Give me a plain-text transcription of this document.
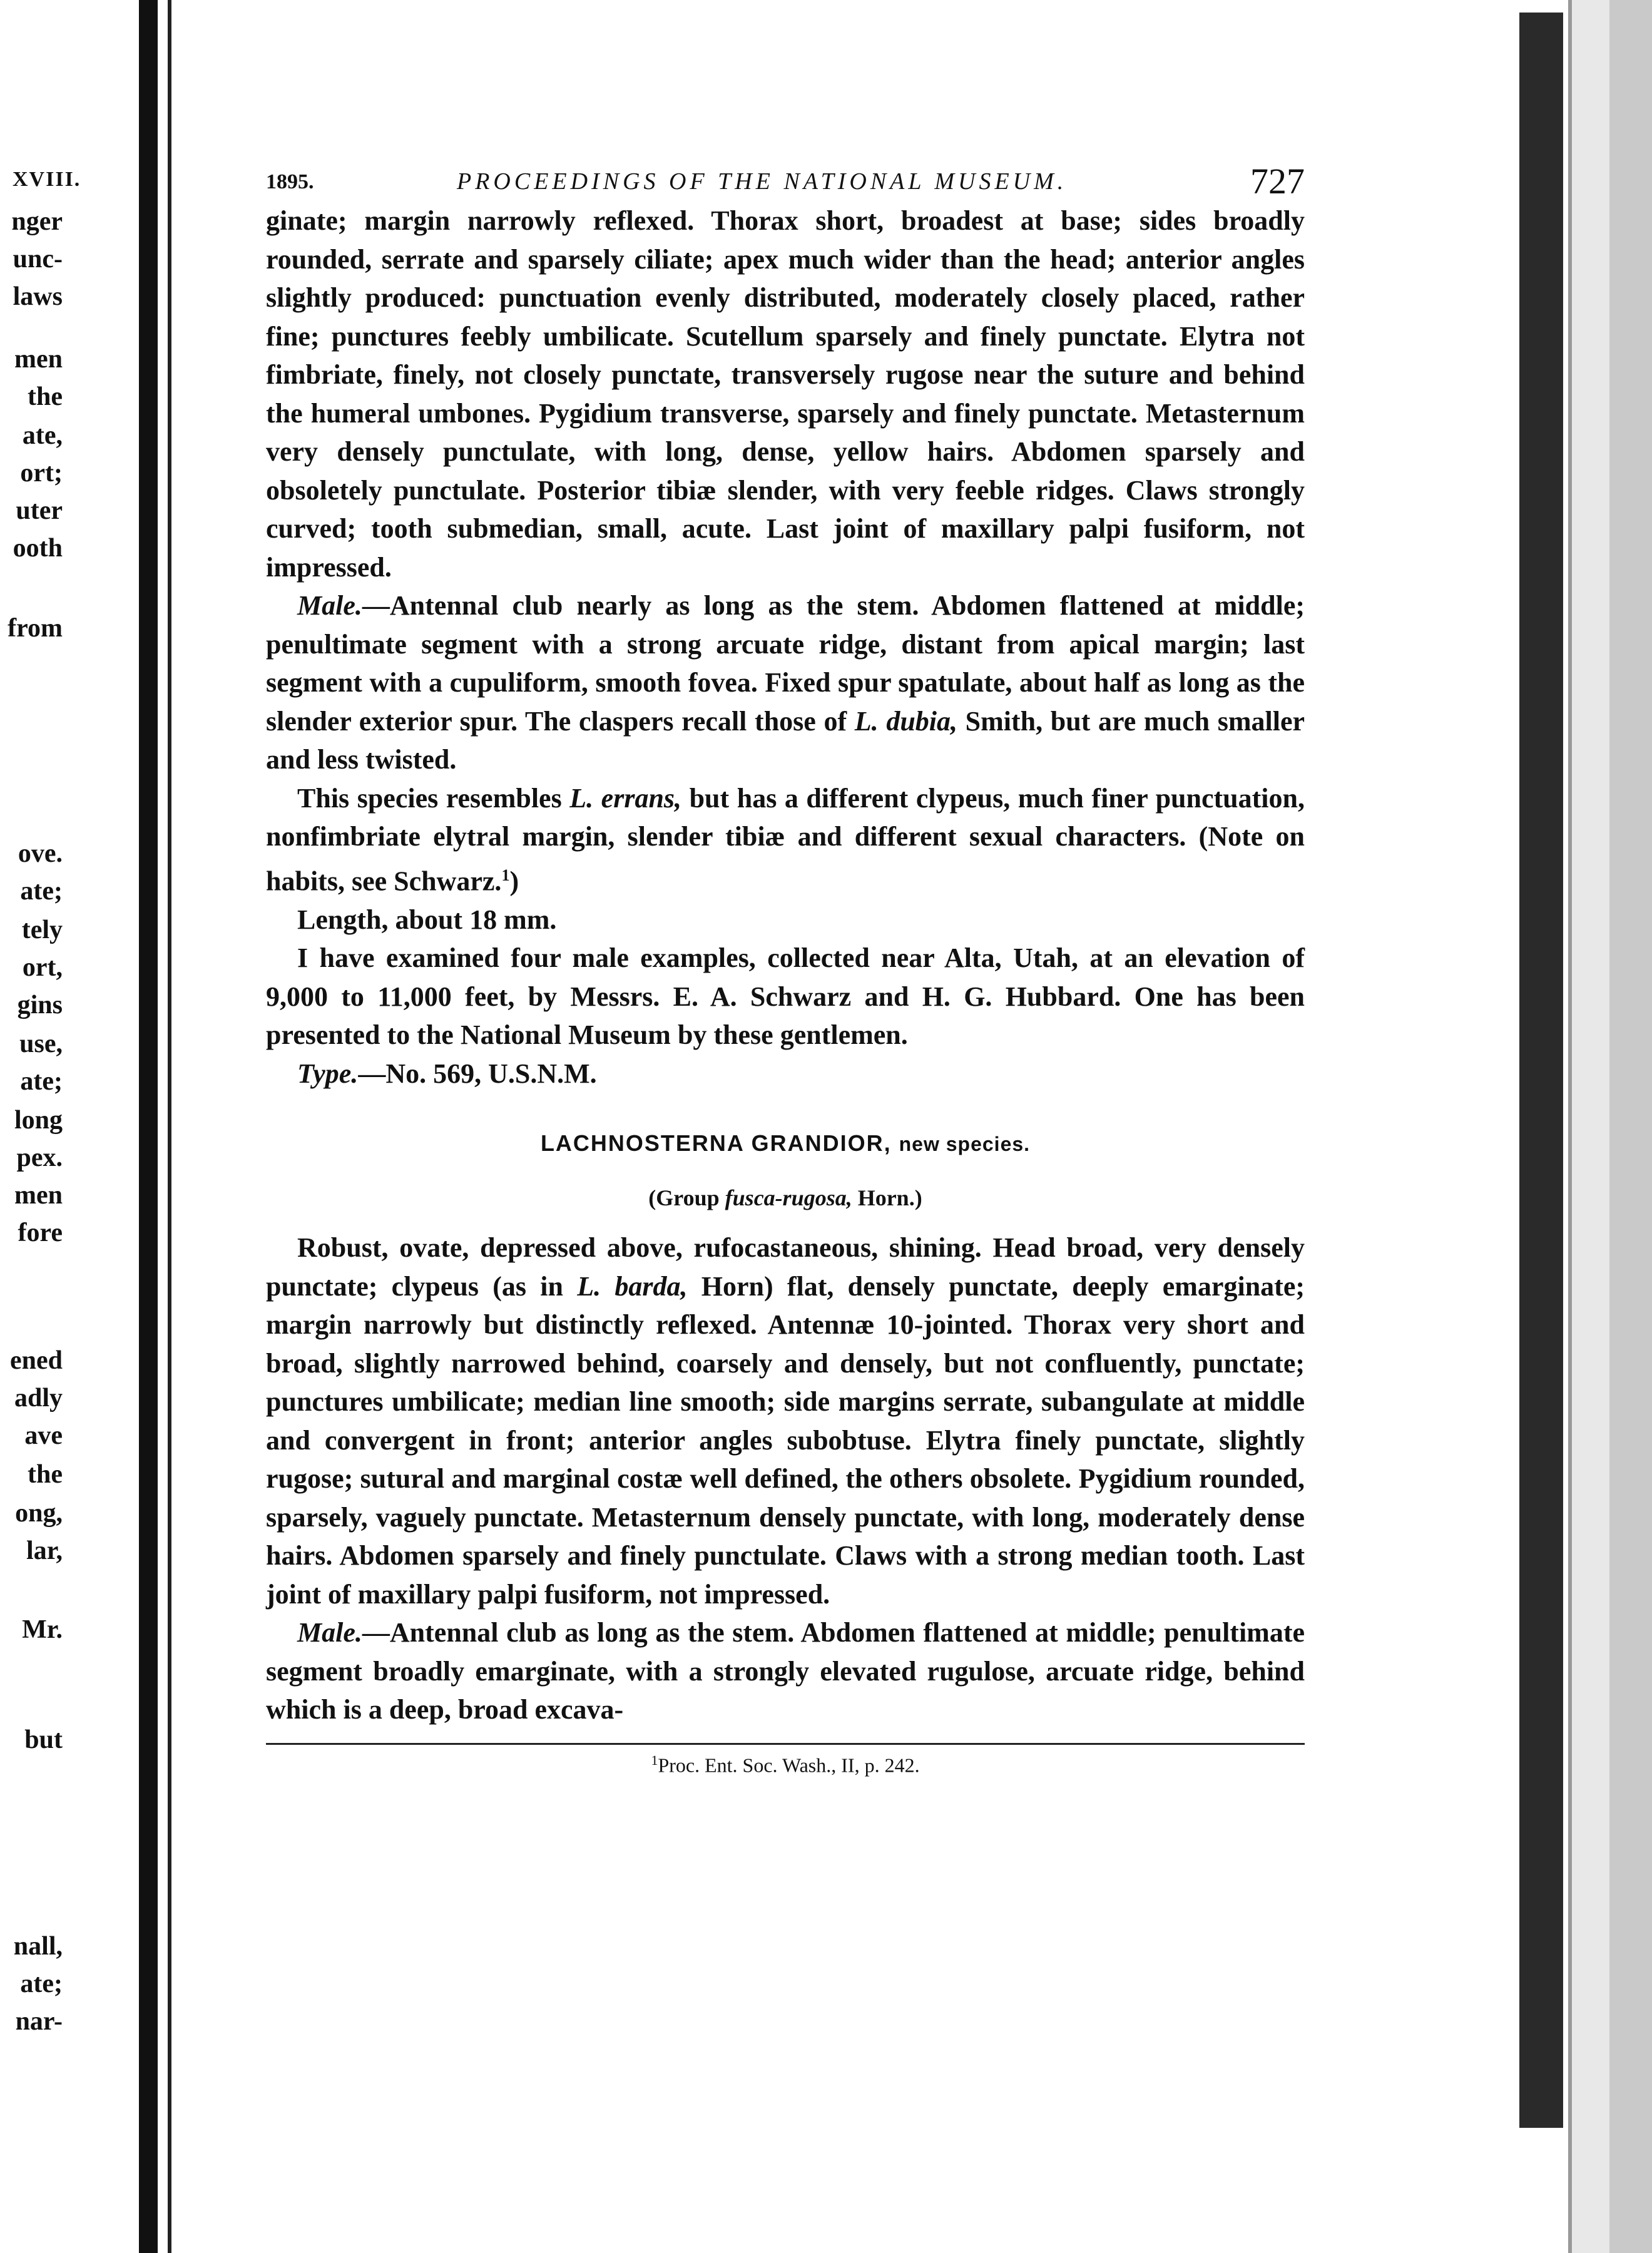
XVIII.
nger
unc-
laws
men
the
ate,
ort;
uter
ooth
from
ove.
ate;
tely
ort,
gins
use,
ate;
long
pex.
men
fore
ened
adly
ave
the
ong,
lar,
Mr.
but
nall,
ate;
nar-
1895.	PROCEEDINGS OF THE NATIONAL MUSEUM.	727

ginate; margin narrowly reflexed. Thorax short, broadest at base; sides broadly rounded, serrate and sparsely ciliate; apex much wider than the head; anterior angles slightly produced: punctuation evenly distributed, moderately closely placed, rather fine; punctures feebly umbilicate. Scutellum sparsely and finely punctate. Elytra not fimbriate, finely, not closely punctate, transversely rugose near the suture and behind the humeral umbones. Pygidium transverse, sparsely and finely punctate. Metasternum very densely punctulate, with long, dense, yellow hairs. Abdomen sparsely and obsoletely punctulate. Posterior tibiæ slender, with very feeble ridges. Claws strongly curved; tooth submedian, small, acute. Last joint of maxillary palpi fusiform, not impressed.

Male.—Antennal club nearly as long as the stem. Abdomen flattened at middle; penultimate segment with a strong arcuate ridge, distant from apical margin; last segment with a cupuliform, smooth fovea. Fixed spur spatulate, about half as long as the slender exterior spur. The claspers recall those of L. dubia, Smith, but are much smaller and less twisted.

This species resembles L. errans, but has a different clypeus, much finer punctuation, nonfimbriate elytral margin, slender tibiæ and different sexual characters. (Note on habits, see Schwarz.$^1$)

Length, about 18 mm.

I have examined four male examples, collected near Alta, Utah, at an elevation of 9,000 to 11,000 feet, by Messrs. E. A. Schwarz and H. G. Hubbard. One has been presented to the National Museum by these gentlemen.

Type.—No. 569, U.S.N.M.

LACHNOSTERNA GRANDIOR, new species.
(Group fusca-rugosa, Horn.)

Robust, ovate, depressed above, rufocastaneous, shining. Head broad, very densely punctate; clypeus (as in L. barda, Horn) flat, densely punctate, deeply emarginate; margin narrowly but distinctly reflexed. Antennæ 10-jointed. Thorax very short and broad, slightly narrowed behind, coarsely and densely, but not confluently, punctate; punctures umbilicate; median line smooth; side margins serrate, subangulate at middle and convergent in front; anterior angles subobtuse. Elytra finely punctate, slightly rugose; sutural and marginal costæ well defined, the others obsolete. Pygidium rounded, sparsely, vaguely punctate. Metasternum densely punctate, with long, moderately dense hairs. Abdomen sparsely and finely punctulate. Claws with a strong median tooth. Last joint of maxillary palpi fusiform, not impressed.

Male.—Antennal club as long as the stem. Abdomen flattened at middle; penultimate segment broadly emarginate, with a strongly elevated rugulose, arcuate ridge, behind which is a deep, broad excava-

$^1$Proc. Ent. Soc. Wash., II, p. 242.
